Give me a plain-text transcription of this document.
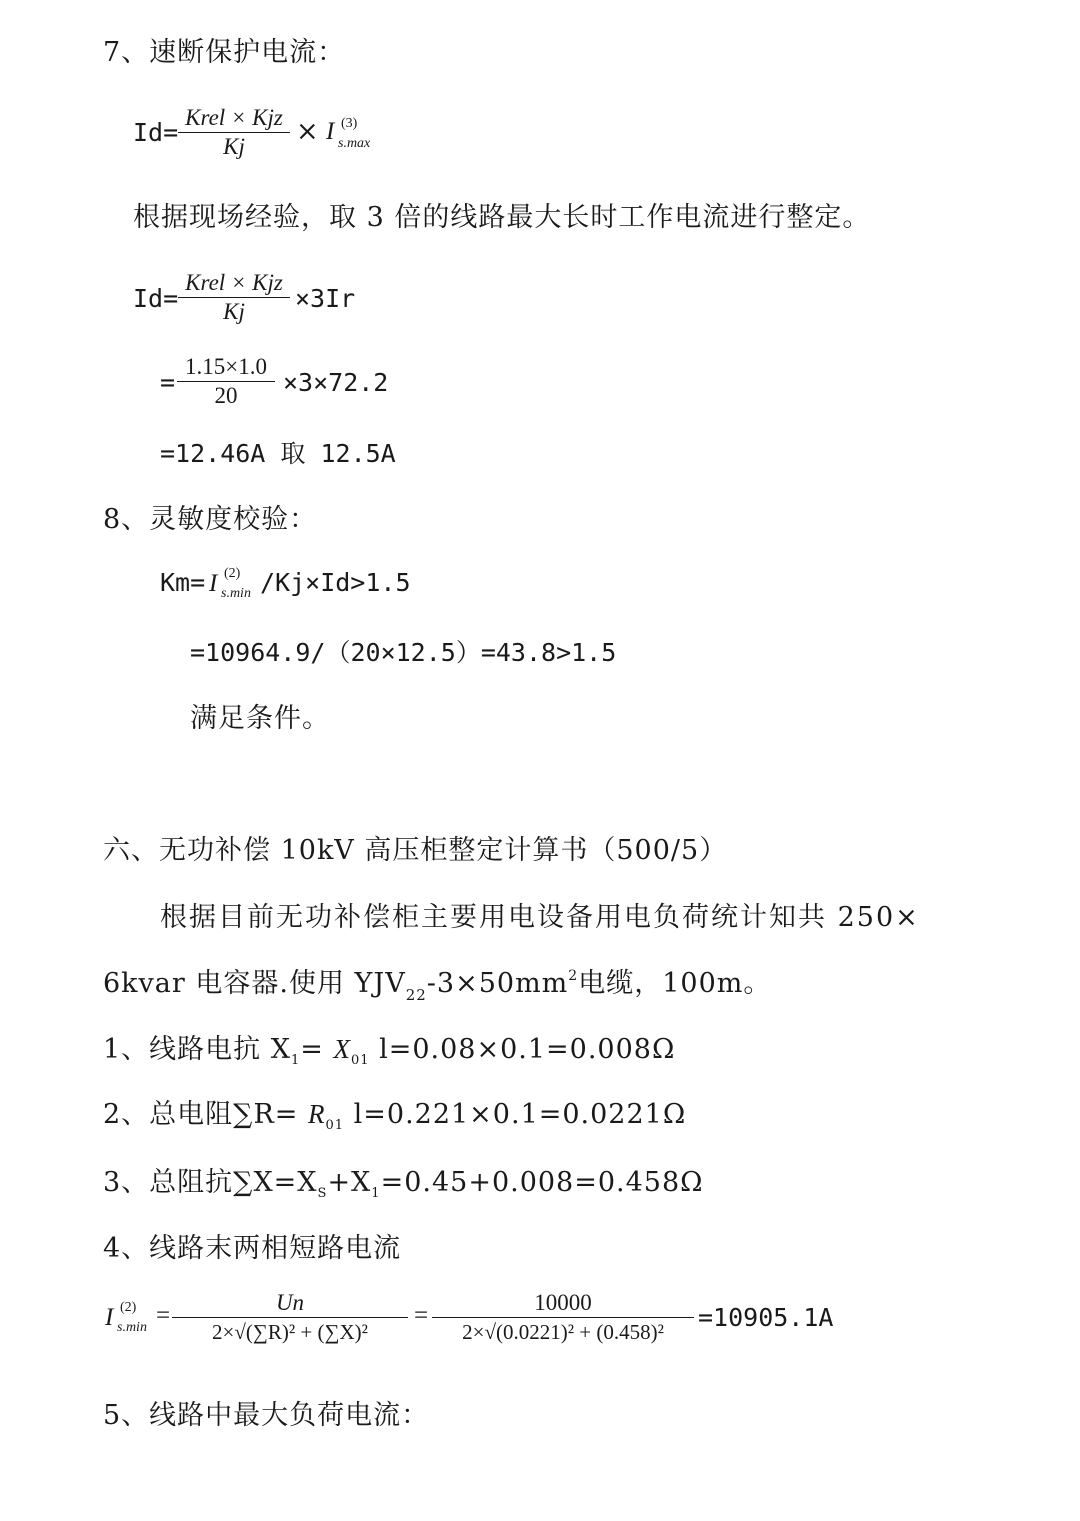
7、速断保护电流：
Id=
Krel × Kjz
Kj	× I (3)
s.max
根据现场经验，取 3 倍的线路最大长时工作电流进行整定。
Id=
Krel × Kjz
Kj	×3Ir
= $\frac{1.15\times 1.0}{20} \times 3\times 72.2$
=12.46A 取 12.5A
8、灵敏度校验：
Km= I (2)
s.min /Kj×Id>1.5
=10964.9/（20×12.5）=43.8>1.5
满足条件。
六、无功补偿 10kV 高压柜整定计算书（500/5）
根据目前无功补偿柜主要用电设备用电负荷统计知共 250×
6kvar 电容器.使用 $YJV_{22}-3\times 50mm^2$电缆，100m。
1、线路电抗 $X_1= X_{01}$ l=0.08×0.1=0.008Ω
2、总电阻$\sum R= R_{01}$ l=0.221×0.1=0.0221Ω
3、总阻抗$\sum X=X_S+X_1=0.45+0.008=0.458\Omega$
4、线路末两相短路电流
I (2)
$s.\min = \frac{Un}{\text{2×√(∑R)² + (∑X)²}} = \frac{10000}{\text{2×√(0.0221)² + (0.458)²}} =10905.1A$
5、线路中最大负荷电流：
